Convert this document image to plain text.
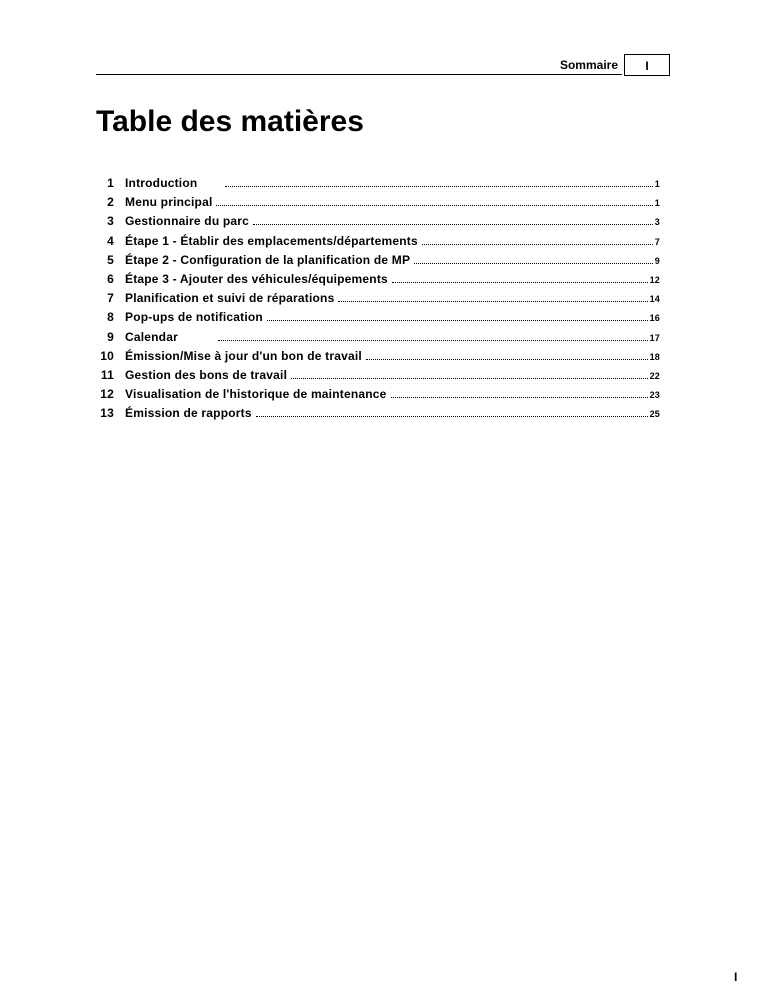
Sommaire	I
Table des matières
1 Introduction	1
2 Menu principal	1
3 Gestionnaire du parc	3
4 Étape 1 - Établir des emplacements/départements	7
5 Étape 2 - Configuration de la planification de MP	9
6 Étape 3 - Ajouter des véhicules/équipements	12
7 Planification et suivi de réparations	14
8 Pop-ups de notification	16
9 Calendar	17
10 Émission/Mise à jour d'un bon de travail	18
11 Gestion des bons de travail	22
12 Visualisation de l'historique de maintenance	23
13 Émission de rapports	25
I
